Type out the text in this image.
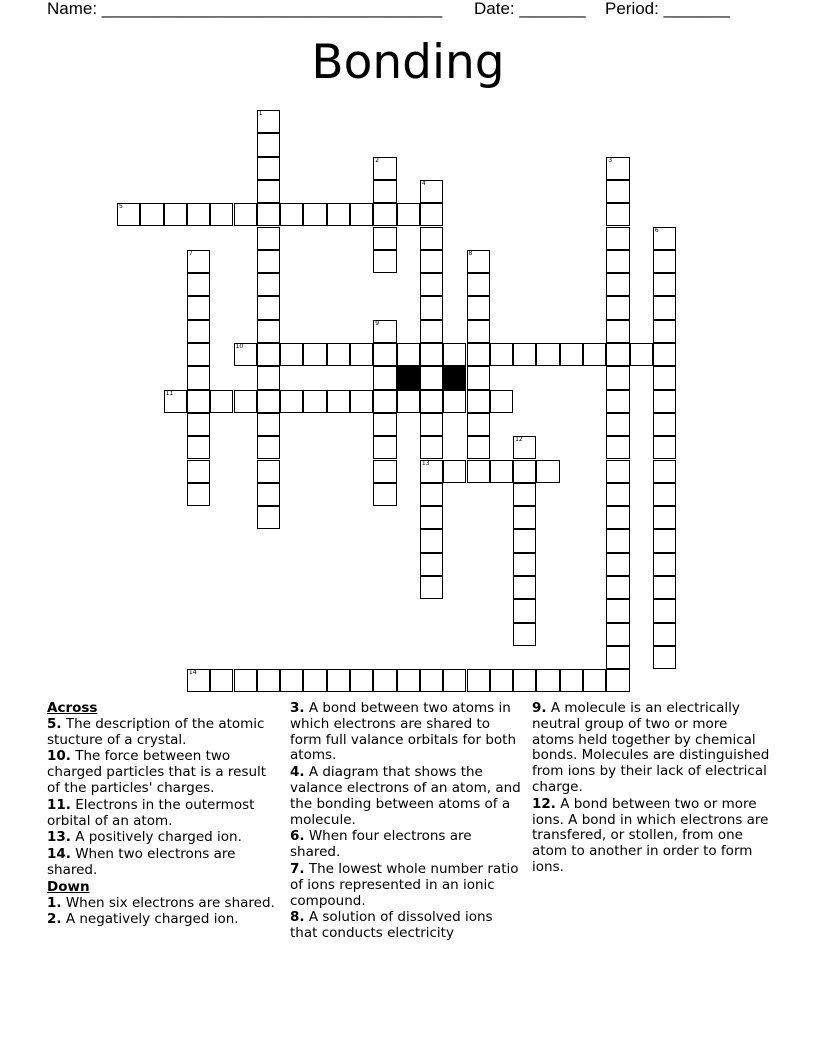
Name: ____________________________________ Date: _______ Period: _______
Bonding
1
2	3
4
13
5
6
7	8
9
10
11
12
14
Across
5. The description of the atomic stucture of a crystal.
10. The force between two charged particles that is a result of the particles' charges.
11. Electrons in the outermost orbital of an atom.
13. A positively charged ion.
14. When two electrons are shared.
Down
1. When six electrons are shared.
2. A negatively charged ion.
3. A bond between two atoms in which electrons are shared to form full valance orbitals for both atoms.
4. A diagram that shows the valance electrons of an atom, and the bonding between atoms of a molecule.
6. When four electrons are shared.
7. The lowest whole number ratio of ions represented in an ionic compound.
8. A solution of dissolved ions that conducts electricity
9. A molecule is an electrically neutral group of two or more atoms held together by chemical bonds. Molecules are distinguished from ions by their lack of electrical charge.
12. A bond between two or more ions. A bond in which electrons are transfered, or stollen, from one atom to another in order to form ions.
